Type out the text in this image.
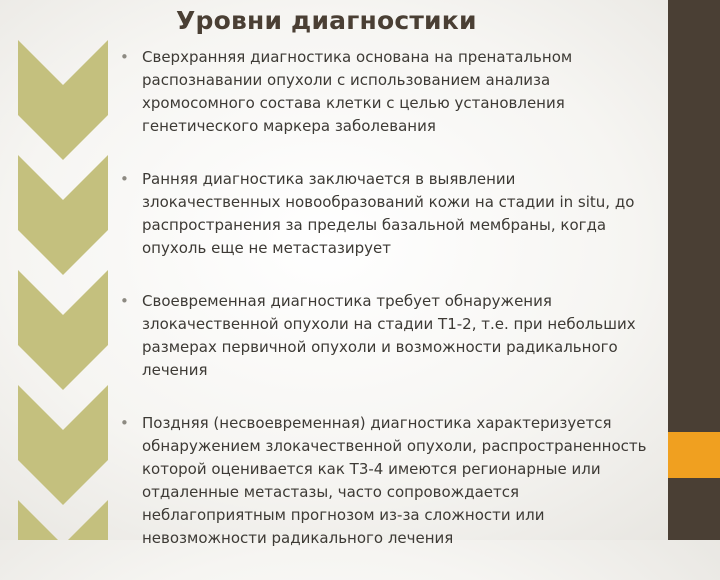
Уровни диагностики
• Сверхранняя диагностика основана на пренатальном распознавании опухоли с использованием анализа хромосомного состава клетки с целью установления генетического маркера заболевания
• Ранняя диагностика заключается в выявлении злокачественных новообразований кожи на стадии in situ, до распространения за пределы базальной мембраны, когда опухоль еще не метастазирует
• Своевременная диагностика требует обнаружения злокачественной опухоли на стадии Т1-2, т.е. при небольших размерах первичной опухоли и возможности радикального лечения
• Поздняя (несвоевременная) диагностика характеризуется обнаружением злокачественной опухоли, распространенность которой оценивается как Т3-4 имеются регионарные или отдаленные метастазы, часто сопровождается неблагоприятным прогнозом из-за сложности или невозможности радикального лечения
